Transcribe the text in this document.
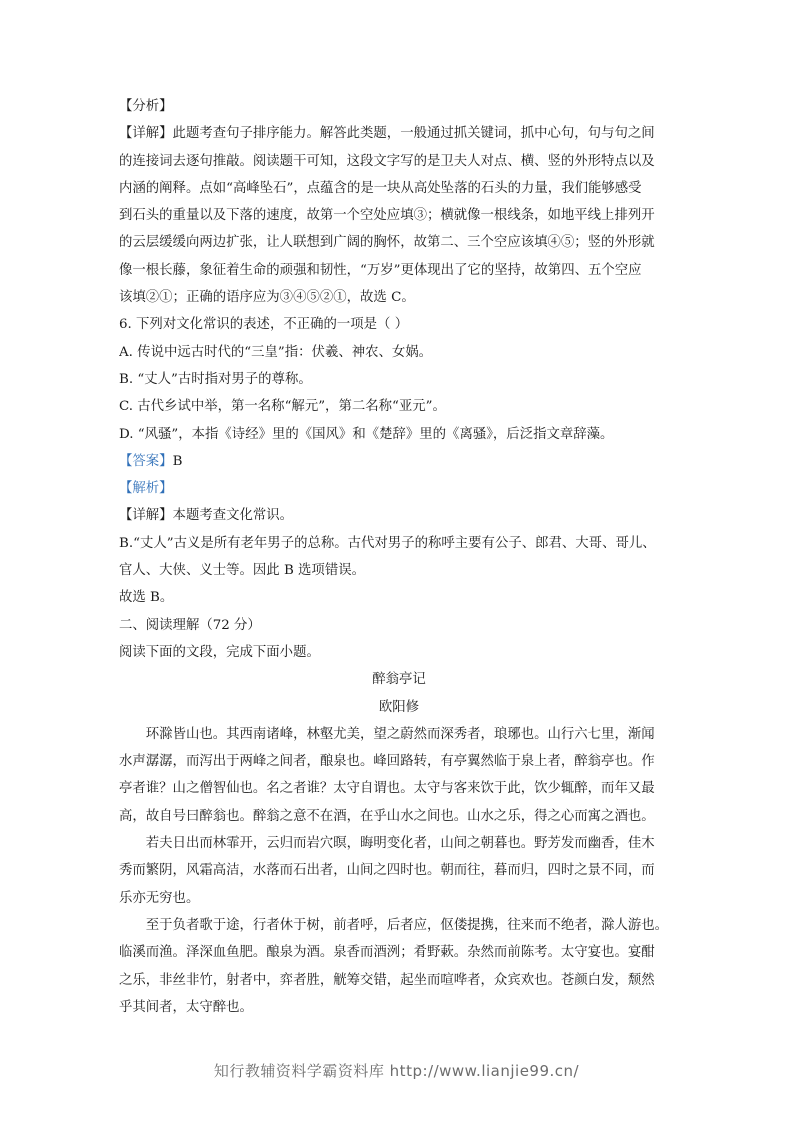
【分析】
【详解】此题考查句子排序能力。解答此类题，一般通过抓关键词，抓中心句，句与句之间
的连接词去逐句推敲。阅读题干可知，这段文字写的是卫夫人对点、横、竖的外形特点以及
内涵的阐释。点如“高峰坠石”，点蕴含的是一块从高处坠落的石头的力量，我们能够感受
到石头的重量以及下落的速度，故第一个空处应填③；横就像一根线条，如地平线上排列开
的云层缓缓向两边扩张，让人联想到广阔的胸怀，故第二、三个空应该填④⑤；竖的外形就
像一根长藤，象征着生命的顽强和韧性，“万岁”更体现出了它的坚持，故第四、五个空应
该填②①；正确的语序应为③④⑤②①，故选 C。
6. 下列对文化常识的表述，不正确的一项是（ ）
A. 传说中远古时代的“三皇”指：伏羲、神农、女娲。
B. “丈人”古时指对男子的尊称。
C. 古代乡试中举，第一名称“解元”，第二名称“亚元”。
D. “风骚”，本指《诗经》里的《国风》和《楚辞》里的《离骚》，后泛指文章辞藻。
【答案】B
【解析】
【详解】本题考查文化常识。
B.“丈人”古义是所有老年男子的总称。古代对男子的称呼主要有公子、郎君、大哥、哥儿、
官人、大侠、义士等。因此 B 选项错误。
故选 B。
二、阅读理解（72 分）
阅读下面的文段，完成下面小题。
醉翁亭记
欧阳修
环滁皆山也。其西南诸峰，林壑尤美，望之蔚然而深秀者，琅琊也。山行六七里，渐闻
水声潺潺，而泻出于两峰之间者，酿泉也。峰回路转，有亭翼然临于泉上者，醉翁亭也。作
亭者谁？山之僧智仙也。名之者谁？太守自谓也。太守与客来饮于此，饮少辄醉，而年又最
高，故自号曰醉翁也。醉翁之意不在酒，在乎山水之间也。山水之乐，得之心而寓之酒也。
若夫日出而林霏开，云归而岩穴暝，晦明变化者，山间之朝暮也。野芳发而幽香，佳木
秀而繁阴，风霜高洁，水落而石出者，山间之四时也。朝而往，暮而归，四时之景不同，而
乐亦无穷也。
至于负者歌于途，行者休于树，前者呼，后者应，伛偻提携，往来而不绝者，滁人游也。
临溪而渔。泽深血鱼肥。酿泉为酒。泉香而酒洌；肴野蔌。杂然而前陈考。太守宴也。宴酣
之乐，非丝非竹，射者中，弈者胜，觥筹交错，起坐而喧哗者，众宾欢也。苍颜白发，颓然
乎其间者，太守醉也。
知行教辅资料学霸资料库 http://www.lianjie99.cn/
